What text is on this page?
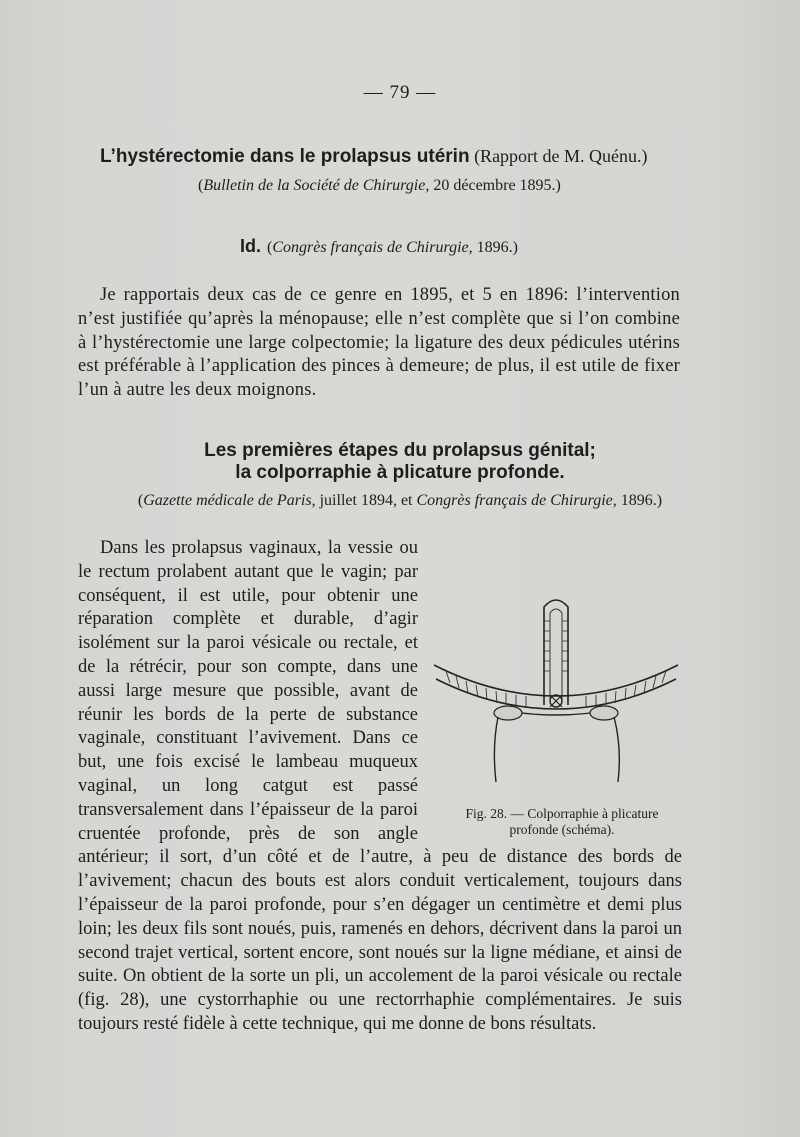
— 79 —
L’hystérectomie dans le prolapsus utérin (Rapport de M. Quénu.)
(Bulletin de la Société de Chirurgie, 20 décembre 1895.)
Id. (Congrès français de Chirurgie, 1896.)
Je rapportais deux cas de ce genre en 1895, et 5 en 1896: l’intervention n’est justifiée qu’après la ménopause; elle n’est complète que si l’on combine à l’hystérectomie une large colpectomie; la ligature des deux pédicules utérins est préférable à l’application des pinces à demeure; de plus, il est utile de fixer l’un à autre les deux moignons.
Les premières étapes du prolapsus génital;
la colporraphie à plicature profonde.
(Gazette médicale de Paris, juillet 1894, et Congrès français de Chirurgie, 1896.)
Fig. 28. — Colporraphie à plicature
profonde (schéma).

Dans les prolapsus vaginaux, la vessie ou le rectum prolabent autant que le vagin; par conséquent, il est utile, pour obtenir une réparation complète et durable, d’agir isolément sur la paroi vésicale ou rectale, et de la rétrécir, pour son compte, dans une aussi large mesure que possible, avant de réunir les bords de la perte de substance vaginale, constituant l’avivement. Dans ce but, une fois excisé le lambeau muqueux vaginal, un long catgut est passé transversalement dans l’épaisseur de la paroi cruentée profonde, près de son angle antérieur; il sort, d’un côté et de l’autre, à peu de distance des bords de l’avivement; chacun des bouts est alors conduit verticalement, toujours dans l’épaisseur de la paroi profonde, pour s’en dégager un centimètre et demi plus loin; les deux fils sont noués, puis, ramenés en dehors, décrivent dans la paroi un second trajet vertical, sortent encore, sont noués sur la ligne médiane, et ainsi de suite. On obtient de la sorte un pli, un accolement de la paroi vésicale ou rectale (fig. 28), une cystorrhaphie ou une rectorrhaphie complémentaires. Je suis toujours resté fidèle à cette technique, qui me donne de bons résultats.
